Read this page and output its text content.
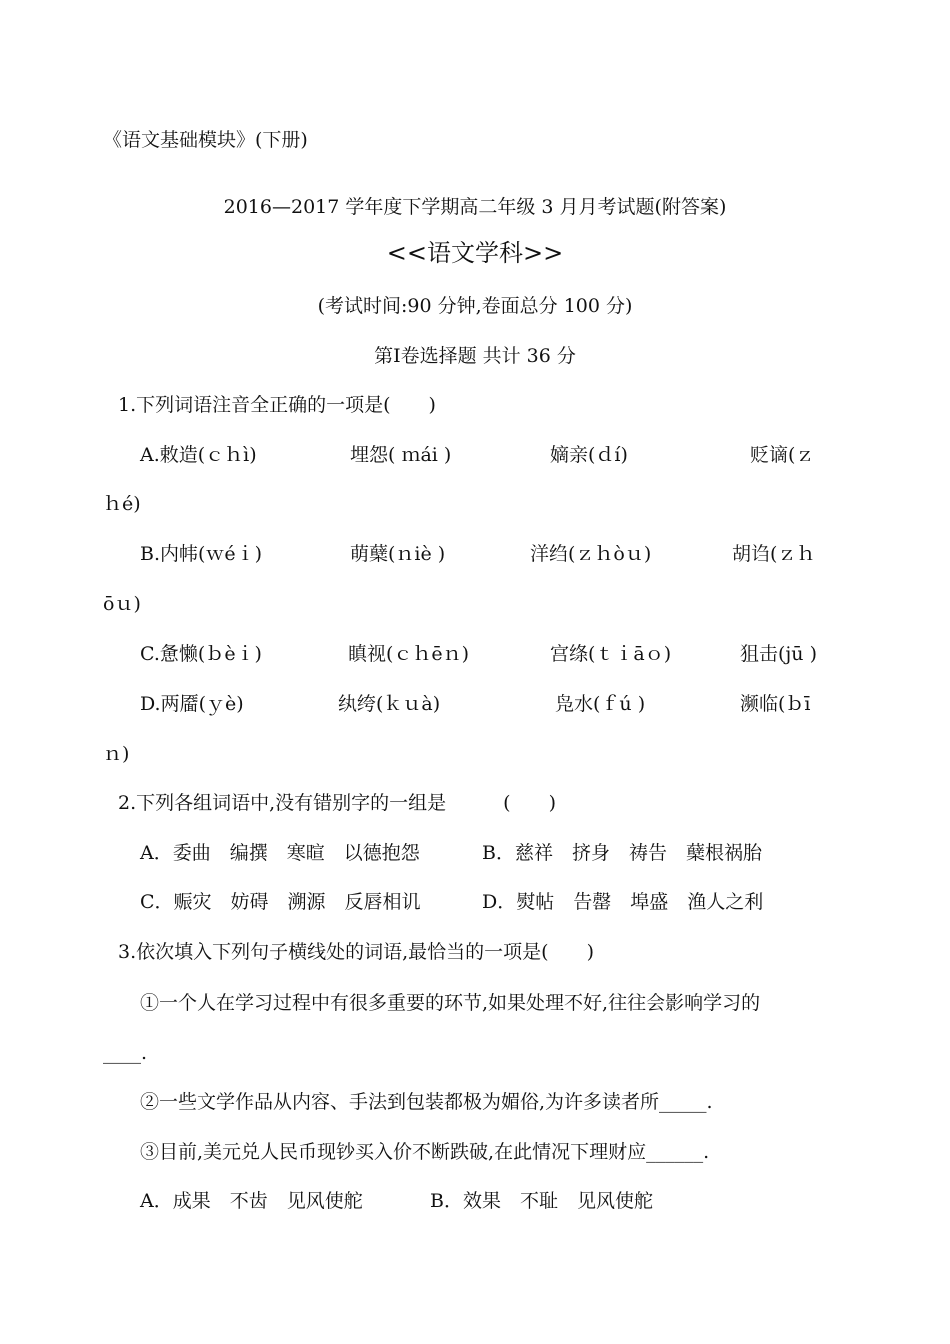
《语文基础模块》(下册)
2016—2017 学年度下学期高二年级 3 月月考试题(附答案)
<<语文学科>>
(考试时间:90 分钟,卷面总分 100 分)
第Ⅰ卷选择题 共计 36 分
1.下列词语注音全正确的一项是(　　)
A.敕造(ｃｈì)	埋怨( ｍái )	嫡亲(ｄí)	贬谪(ｚ
ｈé)
B.内帏(ｗéｉ)	萌蘖(ｎiè )	洋绉(ｚｈòｕ)	胡诌(ｚｈ
ōｕ)
C.惫懒(ｂèｉ)	瞋视(ｃｈēｎ)	宫绦(ｔｉāｏ)	狙击(jū )
D.两靥(ｙè)	纨绔(ｋｕà)	凫水(ｆú )	濒临(ｂī
ｎ)
2.下列各组词语中,没有错别字的一组是　　　(　　)
A．委曲　编撰　寒暄　以德抱怨	B．慈祥　挤身　祷告　蘖根祸胎
C．赈灾　妨碍　溯源　反唇相讥	D．熨帖　告罄　埠盛　渔人之利
3.依次填入下列句子横线处的词语,最恰当的一项是(　　)
①一个人在学习过程中有很多重要的环节,如果处理不好,往往会影响学习的
____.
②一些文学作品从内容、手法到包装都极为媚俗,为许多读者所_____.
③目前,美元兑人民币现钞买入价不断跌破,在此情况下理财应______.
A．成果　不齿　见风使舵	B．效果　不耻　见风使舵
